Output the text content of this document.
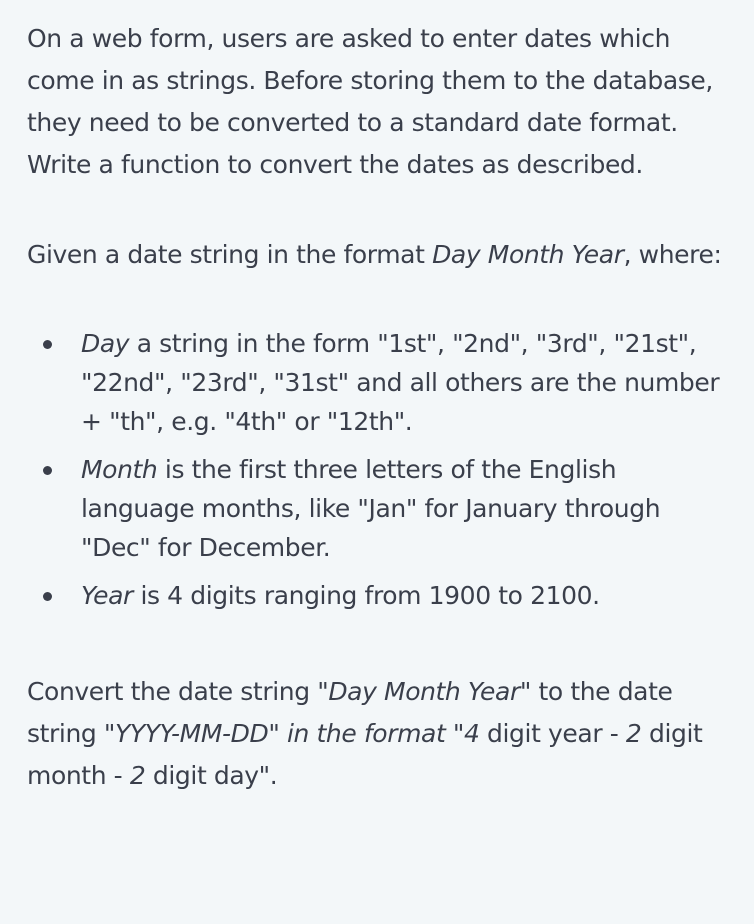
On a web form, users are asked to enter dates which come in as strings. Before storing them to the database, they need to be converted to a standard date format. Write a function to convert the dates as described.

Given a date string in the format Day Month Year, where:

Day a string in the form "1st", "2nd", "3rd", "21st", "22nd", "23rd", "31st" and all others are the number + "th", e.g. "4th" or "12th".
Month is the first three letters of the English language months, like "Jan" for January through "Dec" for December.
Year is 4 digits ranging from 1900 to 2100.

Convert the date string "Day Month Year" to the date string "YYYY-MM-DD" in the format "4 digit year - 2 digit month - 2 digit day".
